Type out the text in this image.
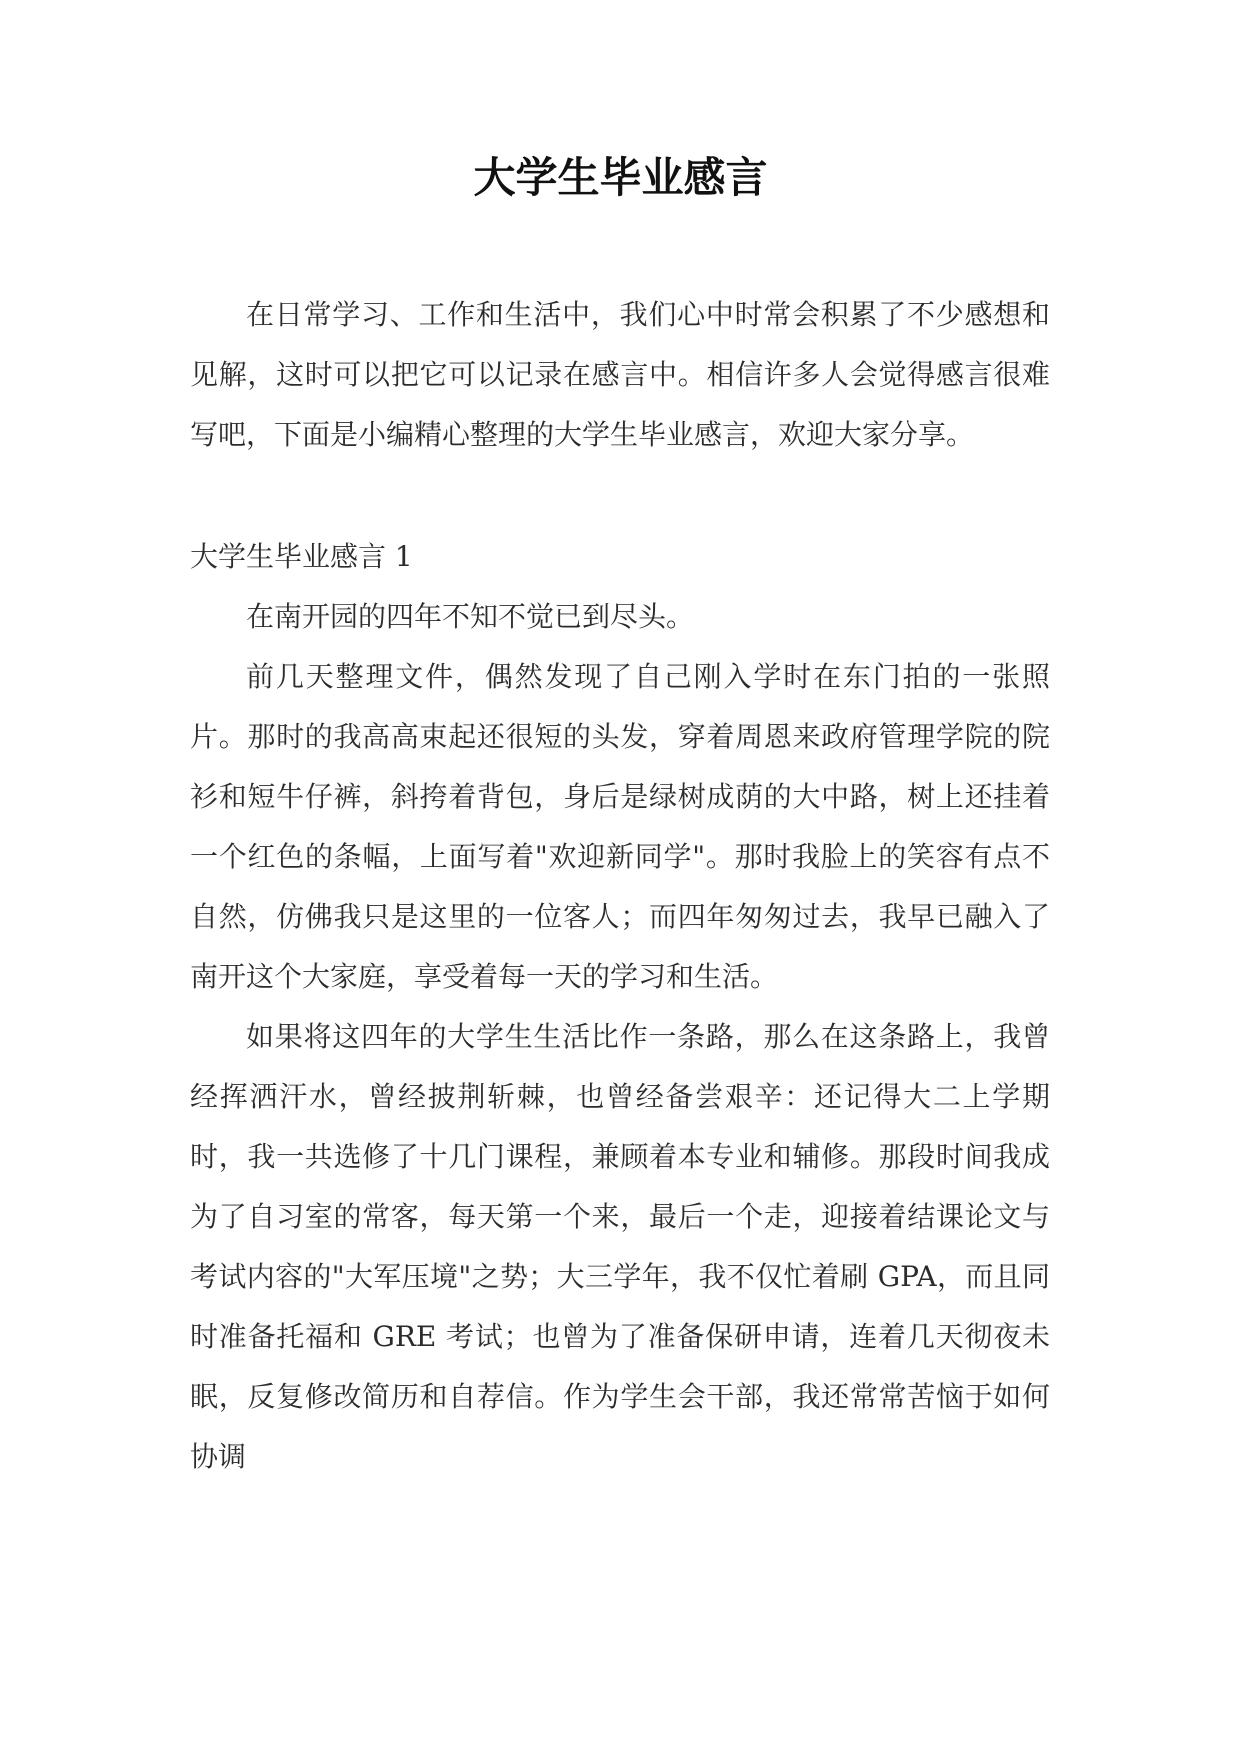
大学生毕业感言

在日常学习、工作和生活中，我们心中时常会积累了不少感想和见解，这时可以把它可以记录在感言中。相信许多人会觉得感言很难写吧，下面是小编精心整理的大学生毕业感言，欢迎大家分享。

大学生毕业感言 1

在南开园的四年不知不觉已到尽头。

前几天整理文件，偶然发现了自己刚入学时在东门拍的一张照片。那时的我高高束起还很短的头发，穿着周恩来政府管理学院的院衫和短牛仔裤，斜挎着背包，身后是绿树成荫的大中路，树上还挂着一个红色的条幅，上面写着"欢迎新同学"。那时我脸上的笑容有点不自然，仿佛我只是这里的一位客人；而四年匆匆过去，我早已融入了南开这个大家庭，享受着每一天的学习和生活。

如果将这四年的大学生生活比作一条路，那么在这条路上，我曾经挥洒汗水，曾经披荆斩棘，也曾经备尝艰辛：还记得大二上学期时，我一共选修了十几门课程，兼顾着本专业和辅修。那段时间我成为了自习室的常客，每天第一个来，最后一个走，迎接着结课论文与考试内容的"大军压境"之势；大三学年，我不仅忙着刷 GPA，而且同时准备托福和 GRE 考试；也曾为了准备保研申请，连着几天彻夜未眠，反复修改简历和自荐信。作为学生会干部，我还常常苦恼于如何协调
